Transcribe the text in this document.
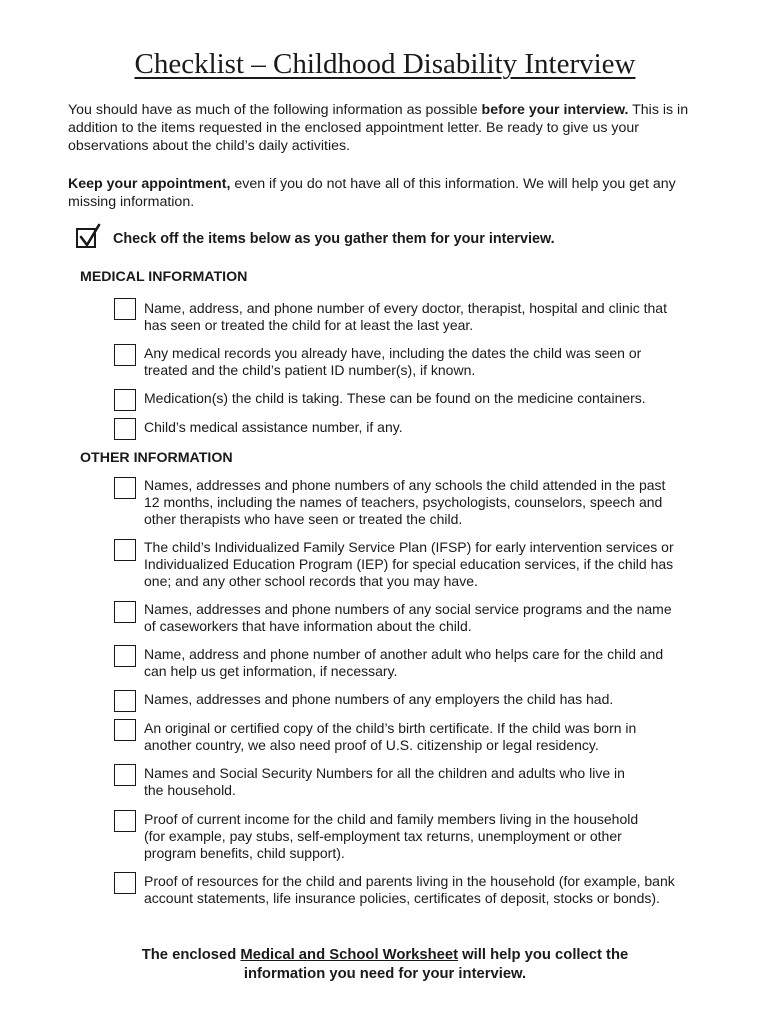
Checklist – Childhood Disability Interview
You should have as much of the following information as possible before your interview. This is in addition to the items requested in the enclosed appointment letter. Be ready to give us your observations about the child’s daily activities.
Keep your appointment, even if you do not have all of this information. We will help you get any missing information.
Check off the items below as you gather them for your interview.
MEDICAL INFORMATION
Name, address, and phone number of every doctor, therapist, hospital and clinic that
has seen or treated the child for at least the last year.
Any medical records you already have, including the dates the child was seen or
treated and the child’s patient ID number(s), if known.
Medication(s) the child is taking. These can be found on the medicine containers.
Child’s medical assistance number, if any.
OTHER INFORMATION
Names, addresses and phone numbers of any schools the child attended in the past
12 months, including the names of teachers, psychologists, counselors, speech and
other therapists who have seen or treated the child.
The child’s Individualized Family Service Plan (IFSP) for early intervention services or
Individualized Education Program (IEP) for special education services, if the child has
one; and any other school records that you may have.
Names, addresses and phone numbers of any social service programs and the name
of caseworkers that have information about the child.
Name, address and phone number of another adult who helps care for the child and
can help us get information, if necessary.
Names, addresses and phone numbers of any employers the child has had.
An original or certified copy of the child’s birth certificate. If the child was born in
another country, we also need proof of U.S. citizenship or legal residency.
Names and Social Security Numbers for all the children and adults who live in
the household.
Proof of current income for the child and family members living in the household
(for example, pay stubs, self-employment tax returns, unemployment or other
program benefits, child support).
Proof of resources for the child and parents living in the household (for example, bank
account statements, life insurance policies, certificates of deposit, stocks or bonds).
The enclosed Medical and School Worksheet will help you collect the
information you need for your interview.
